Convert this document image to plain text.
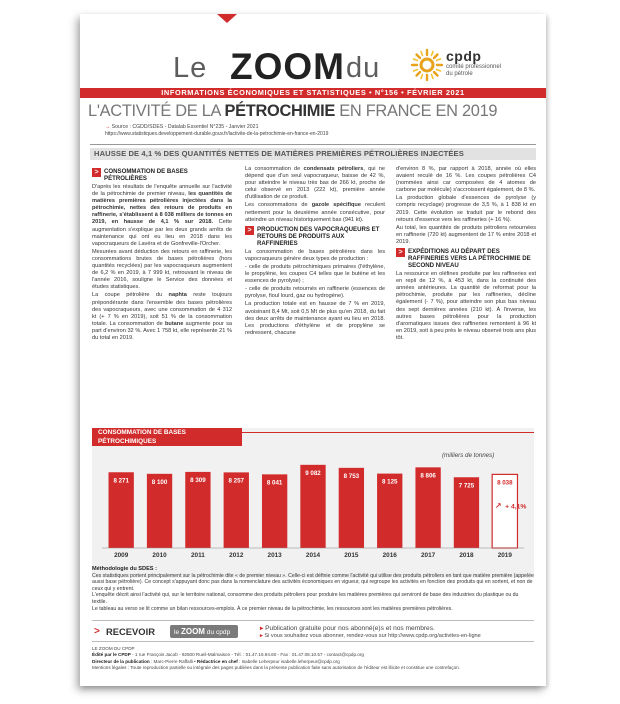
Le ZOOM du	cpdp
comité professionnel du pétrole
INFORMATIONS ÉCONOMIQUES ET STATISTIQUES • N°156 • FÉVRIER 2021
L'ACTIVITÉ DE LA PÉTROCHIMIE EN FRANCE EN 2019
→ Source : CGDD/SDES - Datalab Essentiel N°235 - Janvier 2021
https://www.statistiques.developpement-durable.gouv.fr/lactivite-de-la-petrochimie-en-france-en-2019
HAUSSE DE 4,1 % DES QUANTITÉS NETTES DE MATIÈRES PREMIÈRES PÉTROLIÈRES INJECTÉES
> CONSOMMATION DE BASES PÉTROLIÈRES

D'après les résultats de l'enquête annuelle sur l'activité de la pétrochimie de premier niveau, les quantités de matières premières pétrolières injectées dans la pétrochimie, nettes des retours de produits en raffinerie, s'établissent à 8 038 milliers de tonnes en 2019, en hausse de 4,1 % sur 2018. Cette augmentation s'explique par les deux grands arrêts de maintenance qui ont eu lieu en 2018 dans les vapocraqueurs de Lavéra et de Gonfreville-l'Orcher.

Mesurées avant déduction des retours en raffinerie, les consommations brutes de bases pétrolières (hors quantités recyclées) par les vapocraqueurs augmentent de 6,2 % en 2019, à 7 999 kt, retrouvant le niveau de l'année 2016, souligne le Service des données et études statistiques.

La coupe pétrolière du naphta reste toujours prépondérante dans l'ensemble des bases pétrolières des vapocraqueurs, avec une consommation de 4 312 kt (+ 7 % en 2019), soit 51 % de la consommation totale. La consommation de butane augmente pour sa part d'environ 32 %. Avec 1 758 kt, elle représente 21 % du total en 2019.

La consommation de condensats pétroliers, qui ne dépend que d'un seul vapocraqueur, baisse de 42 %, pour atteindre le niveau très bas de 266 kt, proche de celui observé en 2013 (222 kt), première année d'utilisation de ce produit.

Les consommations de gazole spécifique reculent nettement pour la deuxième année consécutive, pour atteindre un niveau historiquement bas (941 kt).

> PRODUCTION DES VAPOCRAQUEURS ET RETOURS DE PRODUITS AUX RAFFINERIES

La consommation de bases pétrolières dans les vapocraqueurs génère deux types de production :

- celle de produits pétrochimiques primaires (l'éthylène, le propylène, les coupes C4 telles que le butène et les essences de pyrolyse) ;

- celle de produits retournés en raffinerie (essences de pyrolyse, fioul lourd, gaz ou hydrogène).

La production totale est en hausse de 7 % en 2019, avoisinant 8,4 Mt, soit 0,5 Mt de plus qu'en 2018, du fait des deux arrêts de maintenance ayant eu lieu en 2018. Les productions d'éthylène et de propylène se redressent, chacune

d'environ 8 %, par rapport à 2018, année où elles avaient reculé de 16 %. Les coupes pétrolières C4 (nommées ainsi car composées de 4 atomes de carbone par molécule) s'accroissent également, de 8 %.

La production globale d'essences de pyrolyse (y compris recyclage) progresse de 3,5 %, à 1 838 kt en 2019. Cette évolution se traduit par le rebond des retours d'essence vers les raffineries (+ 16 %).

Au total, les quantités de produits pétroliers retournées en raffinerie (720 kt) augmentent de 17 % entre 2018 et 2019.

> EXPÉDITIONS AU DÉPART DES RAFFINERIES VERS LA PÉTROCHIMIE DE SECOND NIVEAU

La ressource en oléfines produite par les raffineries est en repli de 12 %, à 453 kt, dans la continuité des années antérieures. La quantité de reformat pour la pétrochimie, produite par les raffineries, décline également (- 7 %), pour atteindre son plus bas niveau des sept dernières années (210 kt). À l'inverse, les autres bases pétrolières pour la production d'aromatiques issues des raffineries remontent à 96 kt en 2019, soit à peu près le niveau observé trois ans plus tôt.

CONSOMMATION DE BASES PÉTROCHIMIQUES
(milliers de tonnes)
8 271
2009
8 100
2010
8 309
2011
8 257
2012
8 041
2013
9 082
2014
8 753
2015
8 125
2016
8 806
2017
7 725
2018
8 038
2019
↗ + 4,1%
Méthodologie du SDES :
Ces statistiques portent principalement sur la pétrochimie dite « de premier niveau ». Celle-ci est définie comme l'activité qui utilise des produits pétroliers en tant que matière première (appelée aussi base pétrolière). Ce concept s'appuyant donc pas dans la nomenclature des activités économiques en vigueur, qui regroupe les activités en fonction des produits qui en sortent, et non de ceux qui y entrent.
L'enquête décrit ainsi l'activité qui, sur le territoire national, consomme des produits pétroliers pour produire les matières premières qui serviront de base des industries du plastique ou du textile.
Le tableau au verso se lit comme un bilan ressources-emplois. À ce premier niveau de la pétrochimie, les ressources sont les matières premières pétrolières.
> RECEVOIR	le ZOOM du cpdp
▸ Publication gratuite pour nos abonné(e)s et nos membres.
▸ Si vous souhaitez vous abonner, rendez-vous sur http://www.cpdp.org/activites-en-ligne
LE ZOOM DU CPDP
Édité par le CPDP - 1 rue François Jacob - 92500 Rueil-Malmaison - Tél. : 01.47.16.94.60 - Fax : 01.47.08.10.57 - contact@cpdp.org
Directeur de la publication : Marc-Pierre Raffalli • Rédactrice en chef : Isabelle Leherpeur isabelle.leherpeur@cpdp.org
Mentions légales : Toute reproduction partielle ou intégrale des pages publiées dans la présente publication faite sans autorisation de l'éditeur est illicite et constitue une contrefaçon.
